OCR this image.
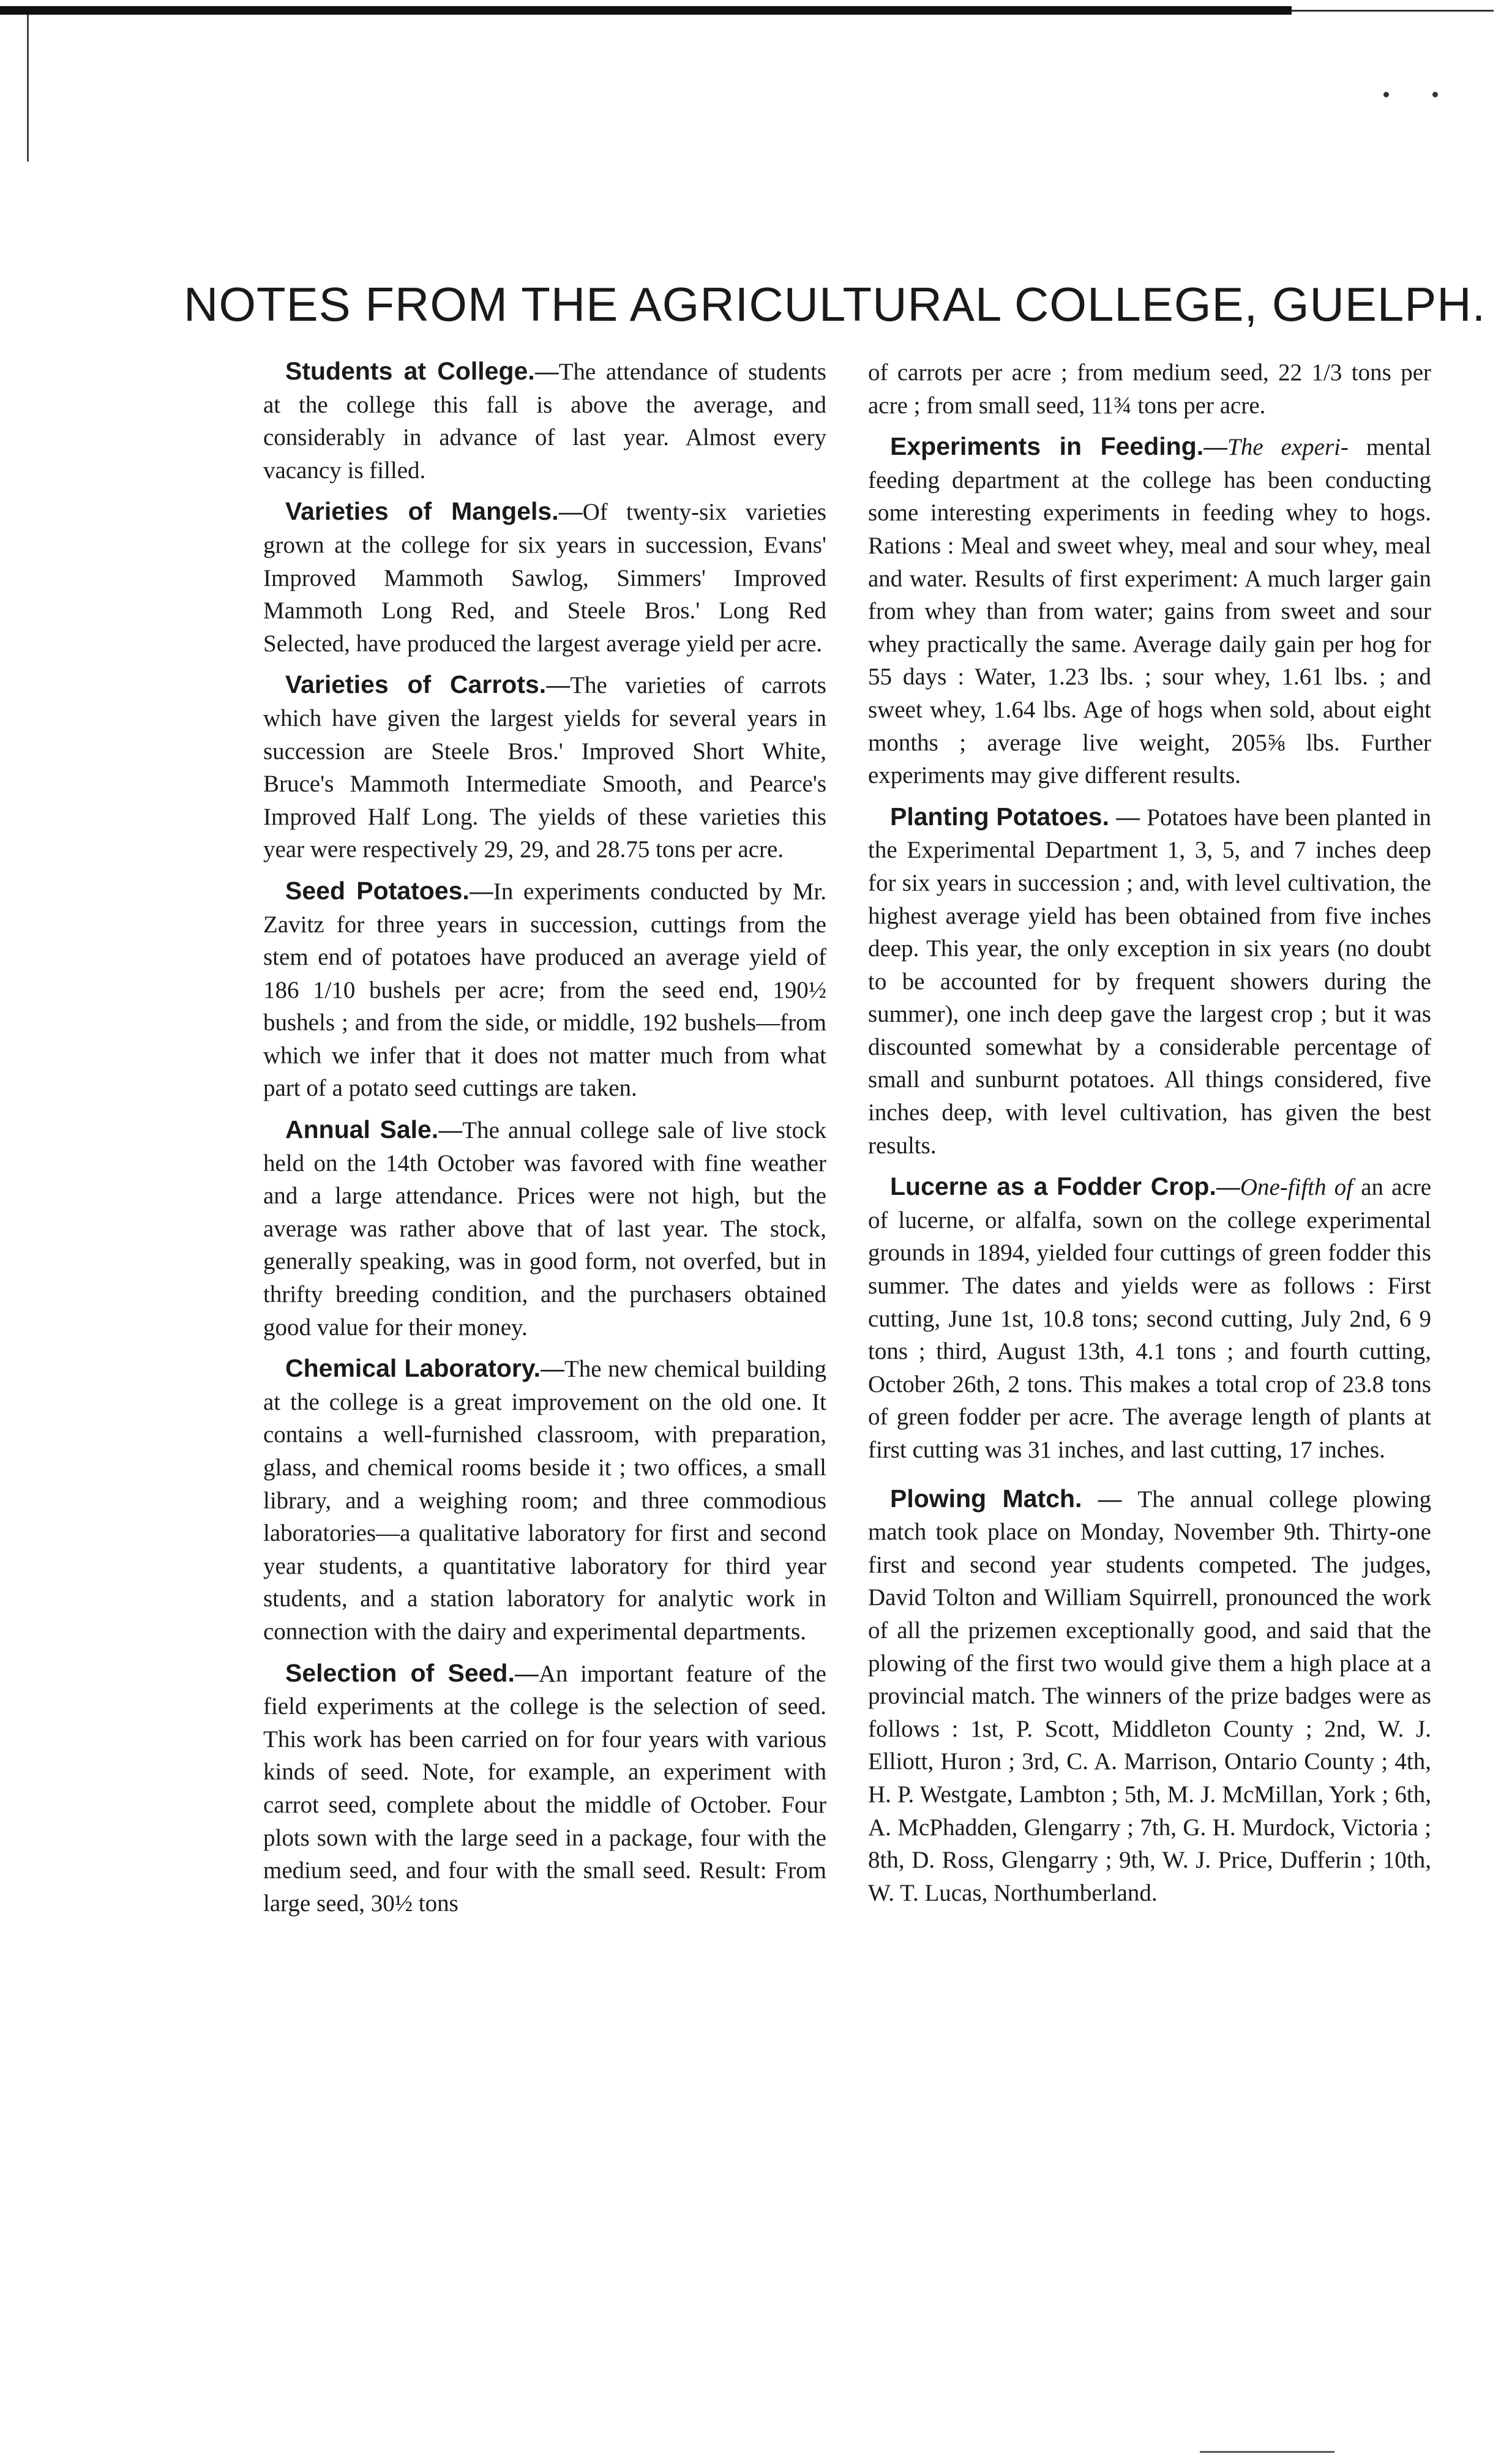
NOTES FROM THE AGRICULTURAL COLLEGE, GUELPH.

Students at College.—The attendance of students at the college this fall is above the average, and considerably in advance of last year. Almost every vacancy is filled.

Varieties of Mangels.—Of twenty-six varieties grown at the college for six years in succession, Evans' Improved Mammoth Sawlog, Simmers' Improved Mammoth Long Red, and Steele Bros.' Long Red Selected, have produced the largest average yield per acre.

Varieties of Carrots.—The varieties of carrots which have given the largest yields for several years in succession are Steele Bros.' Improved Short White, Bruce's Mammoth Intermediate Smooth, and Pearce's Improved Half Long. The yields of these varieties this year were respectively 29, 29, and 28.75 tons per acre.

Seed Potatoes.—In experiments conducted by Mr. Zavitz for three years in succession, cuttings from the stem end of potatoes have produced an average yield of 186 1/10 bushels per acre; from the seed end, 190½ bushels ; and from the side, or middle, 192 bushels—from which we infer that it does not matter much from what part of a potato seed cuttings are taken.

Annual Sale.—The annual college sale of live stock held on the 14th October was favored with fine weather and a large attendance. Prices were not high, but the average was rather above that of last year. The stock, generally speaking, was in good form, not overfed, but in thrifty breeding condition, and the purchasers obtained good value for their money.

Chemical Laboratory.—The new chemical building at the college is a great improvement on the old one. It contains a well-furnished classroom, with preparation, glass, and chemical rooms beside it ; two offices, a small library, and a weighing room; and three commodious laboratories—a qualitative laboratory for first and second year students, a quantitative laboratory for third year students, and a station laboratory for analytic work in connection with the dairy and experimental departments.

Selection of Seed.—An important feature of the field experiments at the college is the selection of seed. This work has been carried on for four years with various kinds of seed. Note, for example, an experiment with carrot seed, complete about the middle of October. Four plots sown with the large seed in a package, four with the medium seed, and four with the small seed. Result: From large seed, 30½ tons

of carrots per acre ; from medium seed, 22 1/3 tons per acre ; from small seed, 11¾ tons per acre.

Experiments in Feeding.—The experi- mental feeding department at the college has been conducting some interesting experiments in feeding whey to hogs. Rations : Meal and sweet whey, meal and sour whey, meal and water. Results of first experiment: A much larger gain from whey than from water; gains from sweet and sour whey practically the same. Average daily gain per hog for 55 days : Water, 1.23 lbs. ; sour whey, 1.61 lbs. ; and sweet whey, 1.64 lbs. Age of hogs when sold, about eight months ; average live weight, 205⅝ lbs. Further experiments may give different results.

Planting Potatoes. — Potatoes have been planted in the Experimental Department 1, 3, 5, and 7 inches deep for six years in succession ; and, with level cultivation, the highest average yield has been obtained from five inches deep. This year, the only exception in six years (no doubt to be accounted for by frequent showers during the summer), one inch deep gave the largest crop ; but it was discounted somewhat by a considerable percentage of small and sunburnt potatoes. All things considered, five inches deep, with level cultivation, has given the best results.

Lucerne as a Fodder Crop.—One-fifth of an acre of lucerne, or alfalfa, sown on the college experimental grounds in 1894, yielded four cuttings of green fodder this summer. The dates and yields were as follows : First cutting, June 1st, 10.8 tons; second cutting, July 2nd, 6 9 tons ; third, August 13th, 4.1 tons ; and fourth cutting, October 26th, 2 tons. This makes a total crop of 23.8 tons of green fodder per acre. The average length of plants at first cutting was 31 inches, and last cutting, 17 inches.

Plowing Match. — The annual college plowing match took place on Monday, November 9th. Thirty-one first and second year students competed. The judges, David Tolton and William Squirrell, pronounced the work of all the prizemen exceptionally good, and said that the plowing of the first two would give them a high place at a provincial match. The winners of the prize badges were as follows : 1st, P. Scott, Middleton County ; 2nd, W. J. Elliott, Huron ; 3rd, C. A. Marrison, Ontario County ; 4th, H. P. Westgate, Lambton ; 5th, M. J. McMillan, York ; 6th, A. McPhadden, Glengarry ; 7th, G. H. Murdock, Victoria ; 8th, D. Ross, Glengarry ; 9th, W. J. Price, Dufferin ; 10th, W. T. Lucas, Northumberland.
